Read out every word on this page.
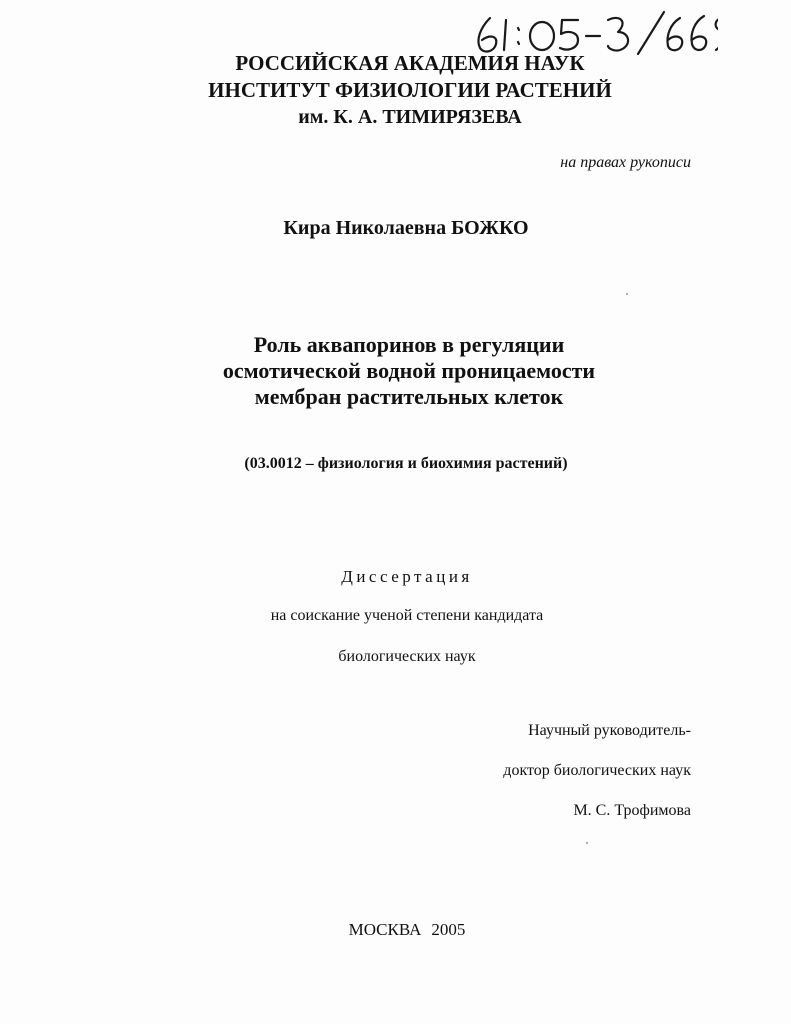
РОССИЙСКАЯ АКАДЕМИЯ НАУК
ИНСТИТУТ ФИЗИОЛОГИИ РАСТЕНИЙ
им. К. А. ТИМИРЯЗЕВА
на правах рукописи
Кира Николаевна БОЖКО
Роль аквапоринов в регуляции
осмотической водной проницаемости
мембран растительных клеток
(03.0012 – физиология и биохимия растений)
Диссертация
на соискание ученой степени кандидата
биологических наук
Научный руководитель-
доктор биологических наук
М. С. Трофимова
МОСКВА 2005
